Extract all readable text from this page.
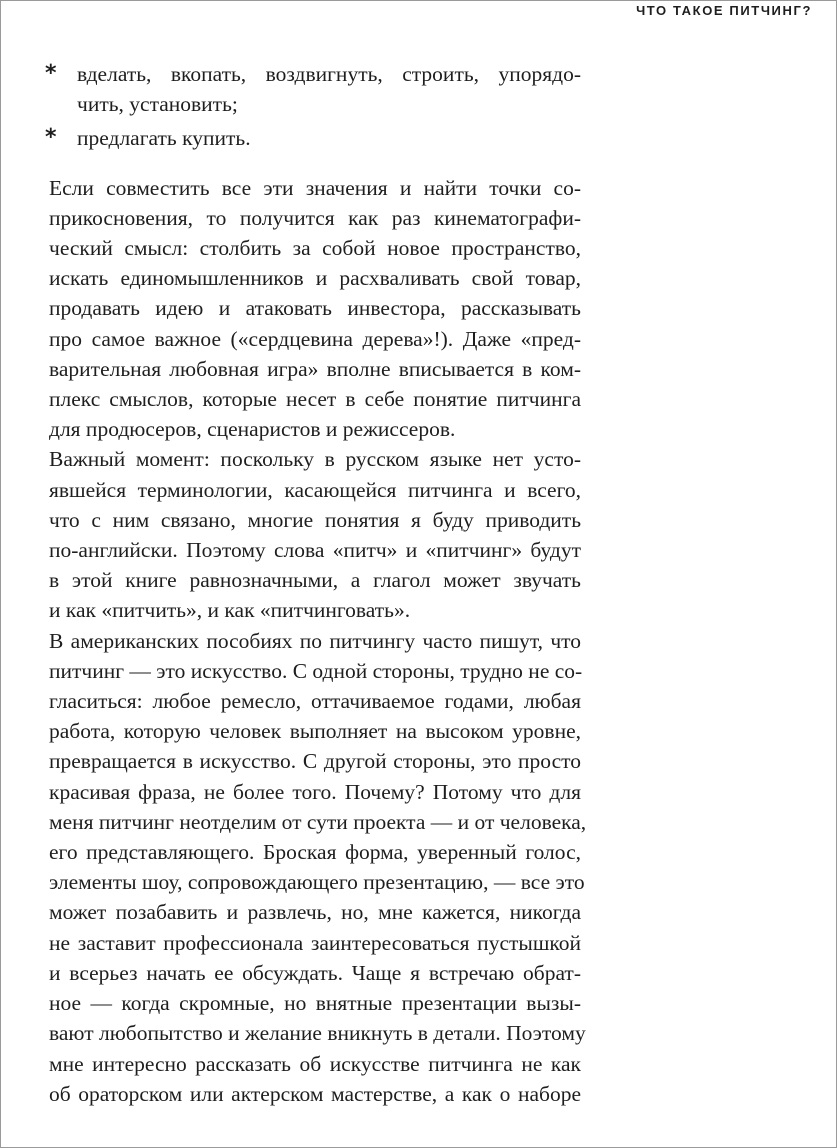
ЧТО ТАКОЕ ПИТЧИНГ?
* вделать, вкопать, воздвигнуть, строить, упорядо-
чить, установить;
* предлагать купить.
Если совместить все эти значения и найти точки со-
прикосновения, то получится как раз кинематографи-
ческий смысл: столбить за собой новое пространство,
искать единомышленников и расхваливать свой товар,
продавать идею и атаковать инвестора, рассказывать
про самое важное («сердцевина дерева»!). Даже «пред-
варительная любовная игра» вполне вписывается в ком-
плекс смыслов, которые несет в себе понятие питчинга
для продюсеров, сценаристов и режиссеров.
Важный момент: поскольку в русском языке нет усто-
явшейся терминологии, касающейся питчинга и всего,
что с ним связано, многие понятия я буду приводить
по-английски. Поэтому слова «питч» и «питчинг» будут
в этой книге равнозначными, а глагол может звучать
и как «питчить», и как «питчинговать».
В американских пособиях по питчингу часто пишут, что
питчинг — это искусство. С одной стороны, трудно не со-
гласиться: любое ремесло, оттачиваемое годами, любая
работа, которую человек выполняет на высоком уровне,
превращается в искусство. С другой стороны, это просто
красивая фраза, не более того. Почему? Потому что для
меня питчинг неотделим от сути проекта — и от человека,
его представляющего. Броская форма, уверенный голос,
элементы шоу, сопровождающего презентацию, — все это
может позабавить и развлечь, но, мне кажется, никогда
не заставит профессионала заинтересоваться пустышкой
и всерьез начать ее обсуждать. Чаще я встречаю обрат-
ное — когда скромные, но внятные презентации вызы-
вают любопытство и желание вникнуть в детали. Поэтому
мне интересно рассказать об искусстве питчинга не как
об ораторском или актерском мастерстве, а как о наборе
